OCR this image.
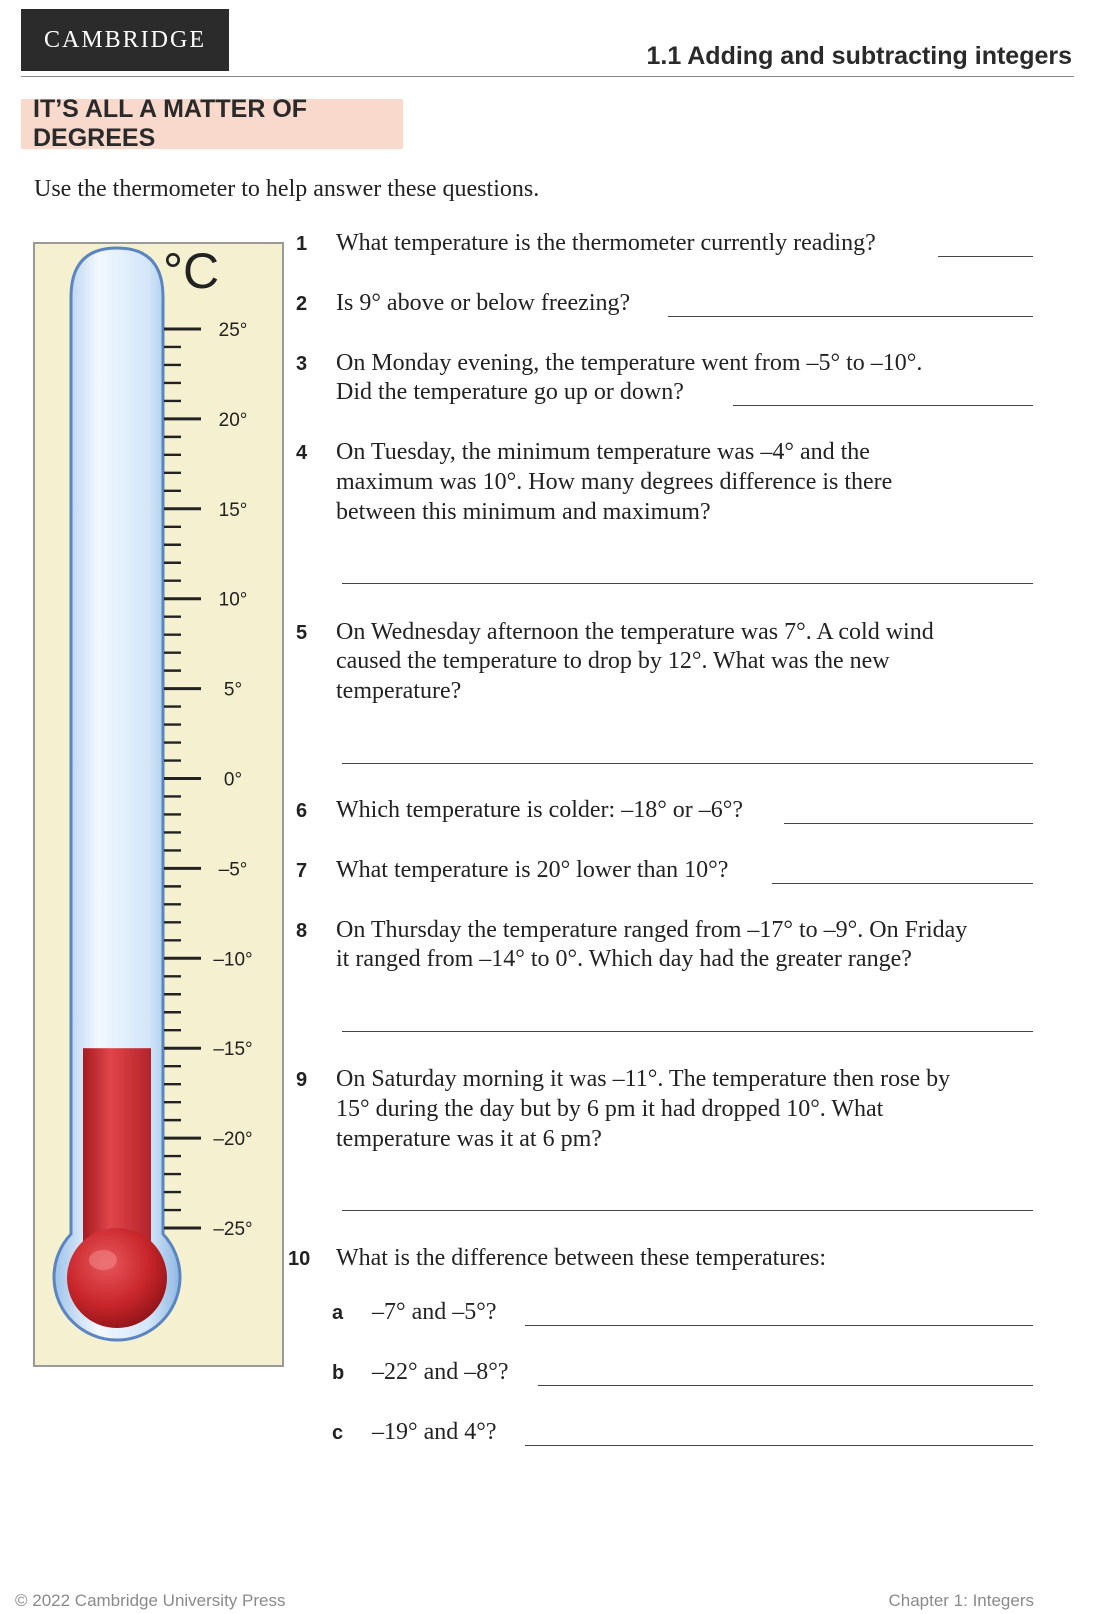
CAMBRIDGE
1.1 Adding and subtracting integers
IT’S ALL A MATTER OF DEGREES
Use the thermometer to help answer these questions.
°C
25°
20°
15°
10°
5°
0°
–5°
–10°
–15°
–20°
–25°
1 What temperature is the thermometer currently reading?
2 Is 9° above or below freezing?
3 On Monday evening, the temperature went from –5° to –10°.
Did the temperature go up or down?
4 On Tuesday, the minimum temperature was –4° and the
maximum was 10°. How many degrees difference is there
between this minimum and maximum?
5 On Wednesday afternoon the temperature was 7°. A cold wind
caused the temperature to drop by 12°. What was the new
temperature?
6 Which temperature is colder: –18° or –6°?
7 What temperature is 20° lower than 10°?
8 On Thursday the temperature ranged from –17° to –9°. On Friday
it ranged from –14° to 0°. Which day had the greater range?
9 On Saturday morning it was –11°. The temperature then rose by
15° during the day but by 6 pm it had dropped 10°. What
temperature was it at 6 pm?
10 What is the difference between these temperatures:
a –7° and –5°?
b –22° and –8°?
c –19° and 4°?
© 2022 Cambridge University Press	Chapter 1: Integers
